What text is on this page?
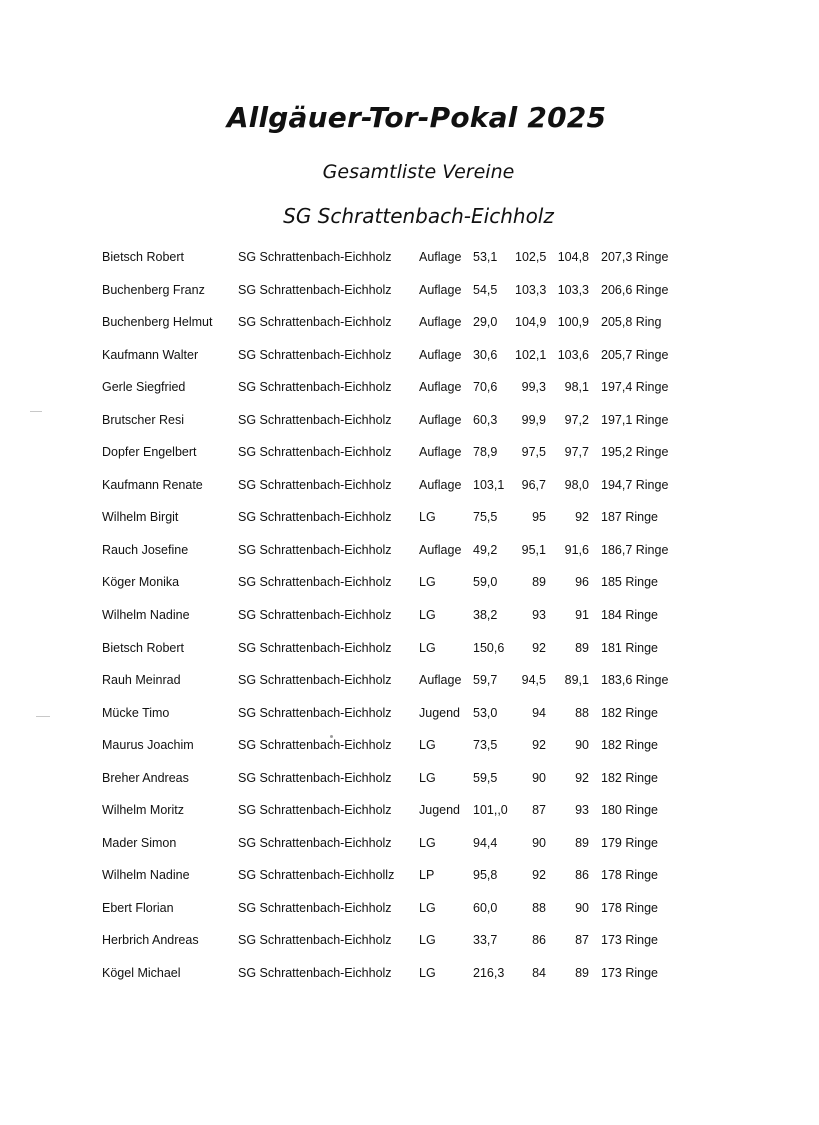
Allgäuer-Tor-Pokal 2025
Gesamtliste Vereine
SG Schrattenbach-Eichholz
Bietsch Robert	SG Schrattenbach-Eichholz Auflage 53,1 102,5 104,8 207,3 Ringe
Buchenberg Franz	SG Schrattenbach-Eichholz Auflage 54,5 103,3 103,3 206,6 Ringe
Buchenberg Helmut SG Schrattenbach-Eichholz Auflage 29,0 104,9 100,9 205,8 Ring
Kaufmann Walter	SG Schrattenbach-Eichholz Auflage 30,6 102,1 103,6 205,7 Ringe
Gerle Siegfried	SG Schrattenbach-Eichholz Auflage 70,6	99,3	98,1 197,4 Ringe
Brutscher Resi	SG Schrattenbach-Eichholz Auflage 60,3	99,9	97,2 197,1 Ringe
Dopfer Engelbert	SG Schrattenbach-Eichholz Auflage 78,9	97,5	97,7 195,2 Ringe
Kaufmann Renate	SG Schrattenbach-Eichholz Auflage 103,1	96,7	98,0 194,7 Ringe
Wilhelm Birgit	SG Schrattenbach-Eichholz LG	75,5	95	92 187 Ringe
Rauch Josefine	SG Schrattenbach-Eichholz Auflage 49,2	95,1	91,6 186,7 Ringe
Köger Monika	SG Schrattenbach-Eichholz LG	59,0	89	96 185 Ringe
Wilhelm Nadine	SG Schrattenbach-Eichholz LG	38,2	93	91 184 Ringe
Bietsch Robert	SG Schrattenbach-Eichholz LG	150,6	92	89 181 Ringe
Rauh Meinrad	SG Schrattenbach-Eichholz Auflage 59,7	94,5	89,1 183,6 Ringe
Mücke Timo	SG Schrattenbach-Eichholz Jugend 53,0	94	88 182 Ringe
Maurus Joachim	SG Schrattenbach-Eichholz LG	73,5	92	90 182 Ringe
Breher Andreas	SG Schrattenbach-Eichholz LG	59,5	90	92 182 Ringe
Wilhelm Moritz	SG Schrattenbach-Eichholz Jugend 101,,0	87	93 180 Ringe
Mader Simon	SG Schrattenbach-Eichholz LG	94,4	90	89 179 Ringe
Wilhelm Nadine	SG Schrattenbach-Eichhollz LP	95,8	92	86 178 Ringe
Ebert Florian	SG Schrattenbach-Eichholz LG	60,0	88	90 178 Ringe
Herbrich Andreas	SG Schrattenbach-Eichholz LG	33,7	86	87 173 Ringe
Kögel Michael	SG Schrattenbach-Eichholz LG	216,3	84	89 173 Ringe
